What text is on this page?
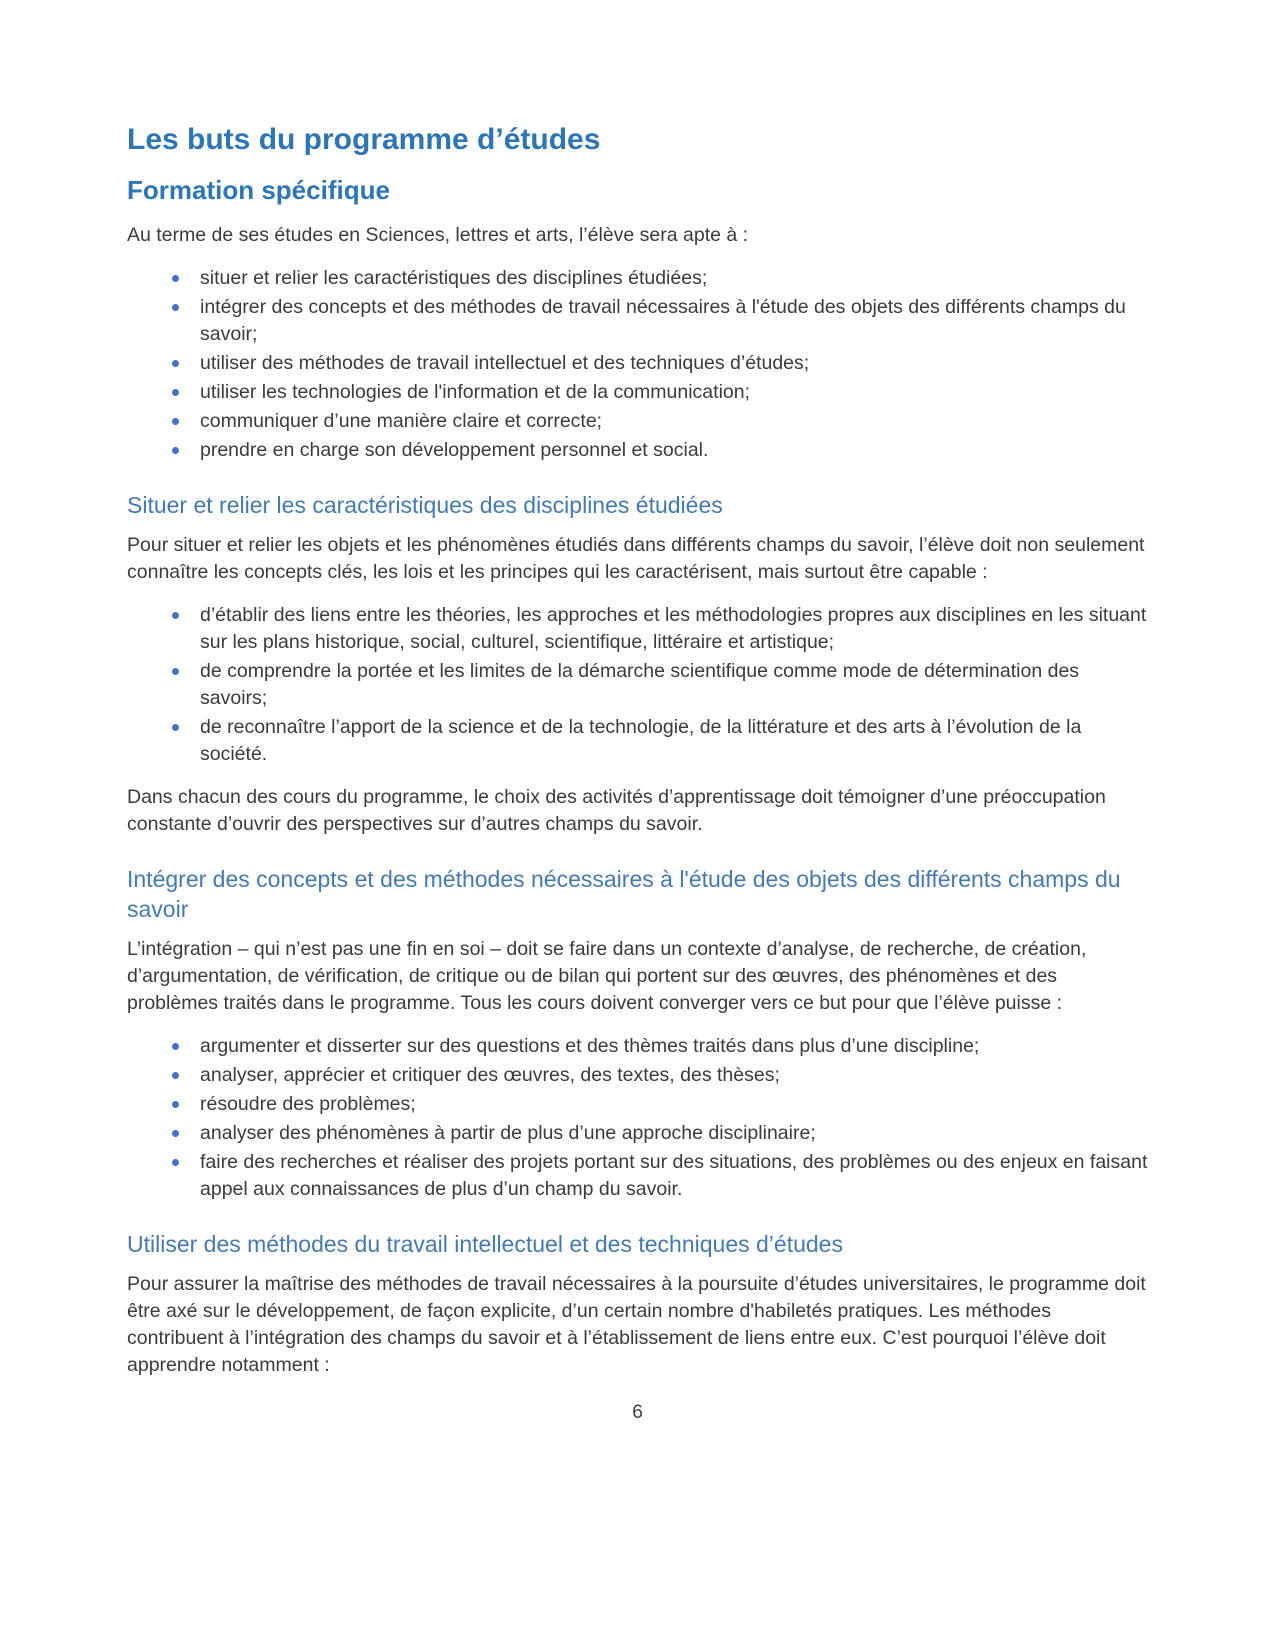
Les buts du programme d’études
Formation spécifique

Au terme de ses études en Sciences, lettres et arts, l’élève sera apte à :

situer et relier les caractéristiques des disciplines étudiées;
intégrer des concepts et des méthodes de travail nécessaires à l'étude des objets des différents champs du savoir;
utiliser des méthodes de travail intellectuel et des techniques d’études;
utiliser les technologies de l'information et de la communication;
communiquer d’une manière claire et correcte;
prendre en charge son développement personnel et social.
Situer et relier les caractéristiques des disciplines étudiées

Pour situer et relier les objets et les phénomènes étudiés dans différents champs du savoir, l’élève doit non seulement connaître les concepts clés, les lois et les principes qui les caractérisent, mais surtout être capable :

d’établir des liens entre les théories, les approches et les méthodologies propres aux disciplines en les situant sur les plans historique, social, culturel, scientifique, littéraire et artistique;
de comprendre la portée et les limites de la démarche scientifique comme mode de détermination des savoirs;
de reconnaître l’apport de la science et de la technologie, de la littérature et des arts à l’évolution de la société.

Dans chacun des cours du programme, le choix des activités d’apprentissage doit témoigner d’une préoccupation constante d’ouvrir des perspectives sur d’autres champs du savoir.

Intégrer des concepts et des méthodes nécessaires à l'étude des objets des différents champs du savoir

L’intégration – qui n’est pas une fin en soi – doit se faire dans un contexte d’analyse, de recherche, de création, d’argumentation, de vérification, de critique ou de bilan qui portent sur des œuvres, des phénomènes et des problèmes traités dans le programme. Tous les cours doivent converger vers ce but pour que l’élève puisse :

argumenter et disserter sur des questions et des thèmes traités dans plus d’une discipline;
analyser, apprécier et critiquer des œuvres, des textes, des thèses;
résoudre des problèmes;
analyser des phénomènes à partir de plus d’une approche disciplinaire;
faire des recherches et réaliser des projets portant sur des situations, des problèmes ou des enjeux en faisant appel aux connaissances de plus d’un champ du savoir.
Utiliser des méthodes du travail intellectuel et des techniques d’études

Pour assurer la maîtrise des méthodes de travail nécessaires à la poursuite d’études universitaires, le programme doit être axé sur le développement, de façon explicite, d’un certain nombre d'habiletés pratiques. Les méthodes contribuent à l’intégration des champs du savoir et à l’établissement de liens entre eux. C’est pourquoi l’élève doit apprendre notamment :

6
